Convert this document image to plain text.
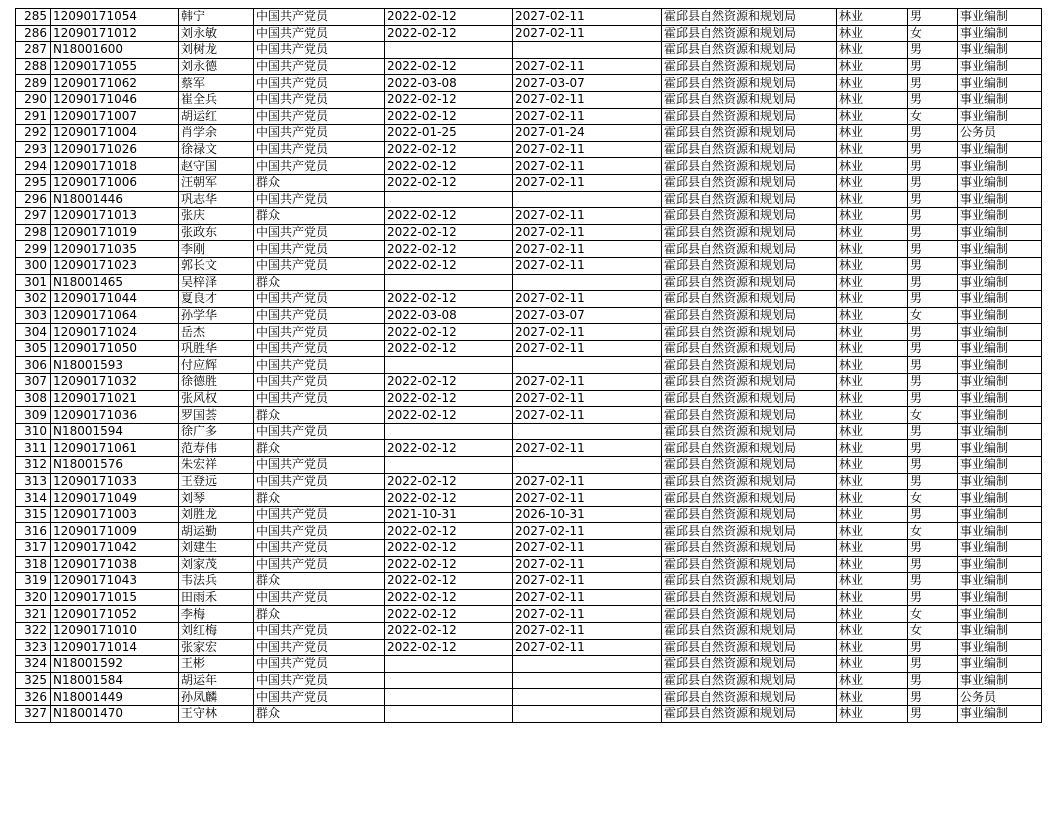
285	12090171054	韩宁	中国共产党员	2022-02-12	2027-02-11	霍邱县自然资源和规划局	林业	男	事业编制
286	12090171012	刘永敏	中国共产党员	2022-02-12	2027-02-11	霍邱县自然资源和规划局	林业	女	事业编制
287	N18001600	刘树龙	中国共产党员			霍邱县自然资源和规划局	林业	男	事业编制
288	12090171055	刘永德	中国共产党员	2022-02-12	2027-02-11	霍邱县自然资源和规划局	林业	男	事业编制
289	12090171062	蔡军	中国共产党员	2022-03-08	2027-03-07	霍邱县自然资源和规划局	林业	男	事业编制
290	12090171046	崔全兵	中国共产党员	2022-02-12	2027-02-11	霍邱县自然资源和规划局	林业	男	事业编制
291	12090171007	胡运红	中国共产党员	2022-02-12	2027-02-11	霍邱县自然资源和规划局	林业	女	事业编制
292	12090171004	肖学余	中国共产党员	2022-01-25	2027-01-24	霍邱县自然资源和规划局	林业	男	公务员
293	12090171026	徐禄文	中国共产党员	2022-02-12	2027-02-11	霍邱县自然资源和规划局	林业	男	事业编制
294	12090171018	赵守国	中国共产党员	2022-02-12	2027-02-11	霍邱县自然资源和规划局	林业	男	事业编制
295	12090171006	汪朝军	群众	2022-02-12	2027-02-11	霍邱县自然资源和规划局	林业	男	事业编制
296	N18001446	巩志华	中国共产党员			霍邱县自然资源和规划局	林业	男	事业编制
297	12090171013	张庆	群众	2022-02-12	2027-02-11	霍邱县自然资源和规划局	林业	男	事业编制
298	12090171019	张政东	中国共产党员	2022-02-12	2027-02-11	霍邱县自然资源和规划局	林业	男	事业编制
299	12090171035	李刚	中国共产党员	2022-02-12	2027-02-11	霍邱县自然资源和规划局	林业	男	事业编制
300	12090171023	郭长文	中国共产党员	2022-02-12	2027-02-11	霍邱县自然资源和规划局	林业	男	事业编制
301	N18001465	吴梓泽	群众			霍邱县自然资源和规划局	林业	男	事业编制
302	12090171044	夏良才	中国共产党员	2022-02-12	2027-02-11	霍邱县自然资源和规划局	林业	男	事业编制
303	12090171064	孙学华	中国共产党员	2022-03-08	2027-03-07	霍邱县自然资源和规划局	林业	女	事业编制
304	12090171024	岳杰	中国共产党员	2022-02-12	2027-02-11	霍邱县自然资源和规划局	林业	男	事业编制
305	12090171050	巩胜华	中国共产党员	2022-02-12	2027-02-11	霍邱县自然资源和规划局	林业	男	事业编制
306	N18001593	付应辉	中国共产党员			霍邱县自然资源和规划局	林业	男	事业编制
307	12090171032	徐德胜	中国共产党员	2022-02-12	2027-02-11	霍邱县自然资源和规划局	林业	男	事业编制
308	12090171021	张风权	中国共产党员	2022-02-12	2027-02-11	霍邱县自然资源和规划局	林业	男	事业编制
309	12090171036	罗国荟	群众	2022-02-12	2027-02-11	霍邱县自然资源和规划局	林业	女	事业编制
310	N18001594	徐广多	中国共产党员			霍邱县自然资源和规划局	林业	男	事业编制
311	12090171061	范寿伟	群众	2022-02-12	2027-02-11	霍邱县自然资源和规划局	林业	男	事业编制
312	N18001576	朱宏祥	中国共产党员			霍邱县自然资源和规划局	林业	男	事业编制
313	12090171033	王登远	中国共产党员	2022-02-12	2027-02-11	霍邱县自然资源和规划局	林业	男	事业编制
314	12090171049	刘琴	群众	2022-02-12	2027-02-11	霍邱县自然资源和规划局	林业	女	事业编制
315	12090171003	刘胜龙	中国共产党员	2021-10-31	2026-10-31	霍邱县自然资源和规划局	林业	男	事业编制
316	12090171009	胡运勤	中国共产党员	2022-02-12	2027-02-11	霍邱县自然资源和规划局	林业	女	事业编制
317	12090171042	刘建生	中国共产党员	2022-02-12	2027-02-11	霍邱县自然资源和规划局	林业	男	事业编制
318	12090171038	刘家茂	中国共产党员	2022-02-12	2027-02-11	霍邱县自然资源和规划局	林业	男	事业编制
319	12090171043	韦法兵	群众	2022-02-12	2027-02-11	霍邱县自然资源和规划局	林业	男	事业编制
320	12090171015	田雨禾	中国共产党员	2022-02-12	2027-02-11	霍邱县自然资源和规划局	林业	男	事业编制
321	12090171052	李梅	群众	2022-02-12	2027-02-11	霍邱县自然资源和规划局	林业	女	事业编制
322	12090171010	刘红梅	中国共产党员	2022-02-12	2027-02-11	霍邱县自然资源和规划局	林业	女	事业编制
323	12090171014	张家宏	中国共产党员	2022-02-12	2027-02-11	霍邱县自然资源和规划局	林业	男	事业编制
324	N18001592	王彬	中国共产党员			霍邱县自然资源和规划局	林业	男	事业编制
325	N18001584	胡运年	中国共产党员			霍邱县自然资源和规划局	林业	男	事业编制
326	N18001449	孙凤麟	中国共产党员			霍邱县自然资源和规划局	林业	男	公务员
327	N18001470	王守林	群众			霍邱县自然资源和规划局	林业	男	事业编制
